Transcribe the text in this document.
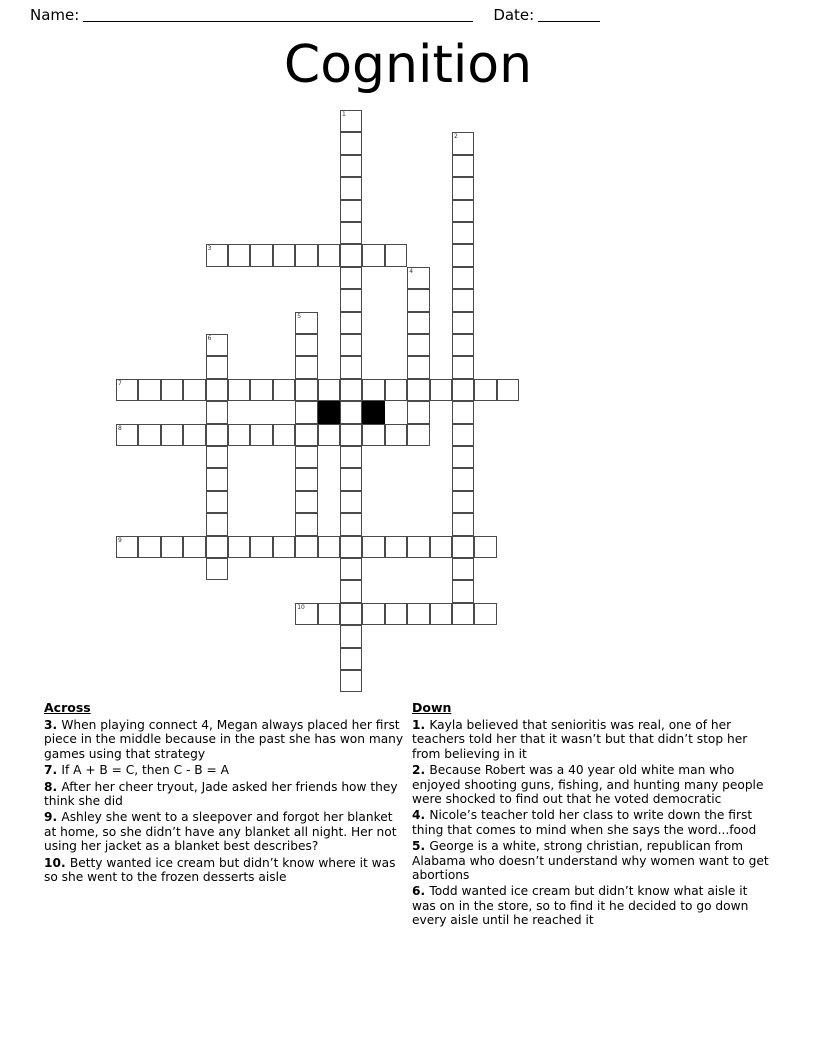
Name:	Date:
Cognition
1
2
3
4
5
6
7
8
9
10
Across
3. When playing connect 4, Megan always placed her first piece in the middle because in the past she has won many games using that strategy
7. If A + B = C, then C - B = A
8. After her cheer tryout, Jade asked her friends how they think she did
9. Ashley she went to a sleepover and forgot her blanket at home, so she didn’t have any blanket all night. Her not using her jacket as a blanket best describes?
10. Betty wanted ice cream but didn’t know where it was so she went to the frozen desserts aisle
Down
1. Kayla believed that senioritis was real, one of her teachers told her that it wasn’t but that didn’t stop her from believing in it
2. Because Robert was a 40 year old white man who enjoyed shooting guns, fishing, and hunting many people were shocked to find out that he voted democratic
4. Nicole’s teacher told her class to write down the first thing that comes to mind when she says the word...food
5. George is a white, strong christian, republican from Alabama who doesn’t understand why women want to get abortions
6. Todd wanted ice cream but didn’t know what aisle it was on in the store, so to find it he decided to go down every aisle until he reached it
